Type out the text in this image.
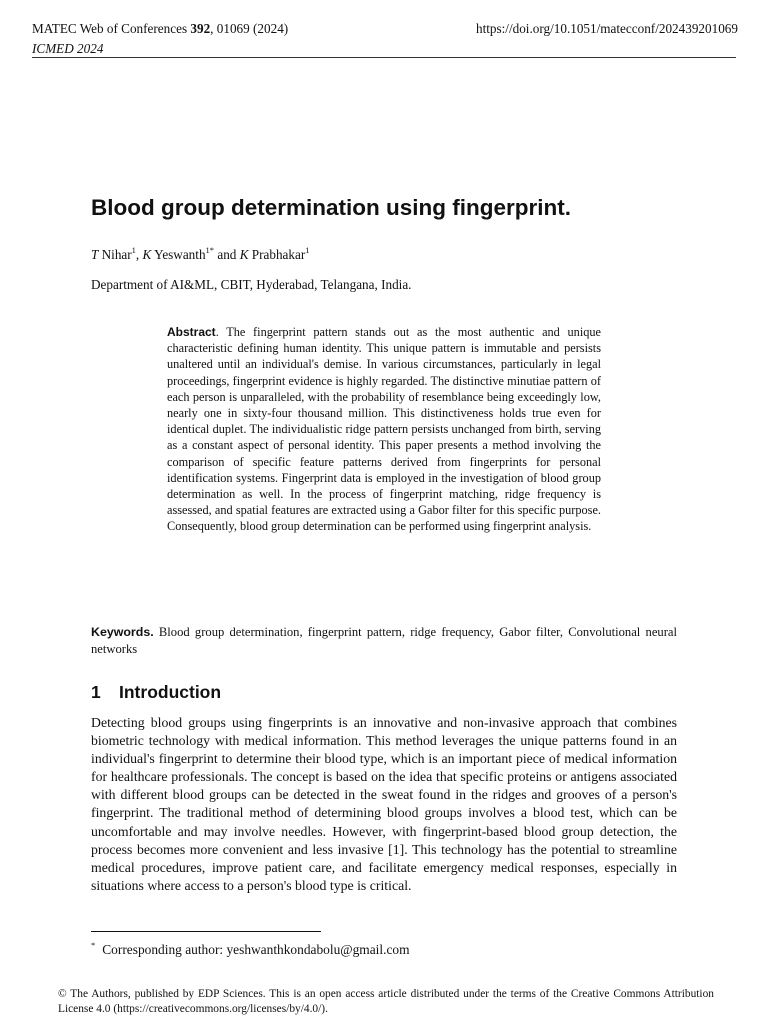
MATEC Web of Conferences 392, 01069 (2024)
ICMED 2024
https://doi.org/10.1051/matecconf/202439201069
Blood group determination using fingerprint.
T Nihar$^1$, K Yeswanth$^{1*}$ and K Prabhakar$^1$
Department of AI&ML, CBIT, Hyderabad, Telangana, India.

Abstract. The fingerprint pattern stands out as the most authentic and unique characteristic defining human identity. This unique pattern is immutable and persists unaltered until an individual's demise. In various circumstances, particularly in legal proceedings, fingerprint evidence is highly regarded. The distinctive minutiae pattern of each person is unparalleled, with the probability of resemblance being exceedingly low, nearly one in sixty-four thousand million. This distinctiveness holds true even for identical duplet. The individualistic ridge pattern persists unchanged from birth, serving as a constant aspect of personal identity. This paper presents a method involving the comparison of specific feature patterns derived from fingerprints for personal identification systems. Fingerprint data is employed in the investigation of blood group determination as well. In the process of fingerprint matching, ridge frequency is assessed, and spatial features are extracted using a Gabor filter for this specific purpose. Consequently, blood group determination can be performed using fingerprint analysis.

Keywords. Blood group determination, fingerprint pattern, ridge frequency, Gabor filter, Convolutional neural networks

1 Introduction

Detecting blood groups using fingerprints is an innovative and non-invasive approach that combines biometric technology with medical information. This method leverages the unique patterns found in an individual's fingerprint to determine their blood type, which is an important piece of medical information for healthcare professionals. The concept is based on the idea that specific proteins or antigens associated with different blood groups can be detected in the sweat found in the ridges and grooves of a person's fingerprint. The traditional method of determining blood groups involves a blood test, which can be uncomfortable and may involve needles. However, with fingerprint-based blood group detection, the process becomes more convenient and less invasive [1]. This technology has the potential to streamline medical procedures, improve patient care, and facilitate emergency medical responses, especially in situations where access to a person's blood type is critical.

* Corresponding author: yeshwanthkondabolu@gmail.com

© The Authors, published by EDP Sciences. This is an open access article distributed under the terms of the Creative Commons Attribution License 4.0 (https://creativecommons.org/licenses/by/4.0/).
